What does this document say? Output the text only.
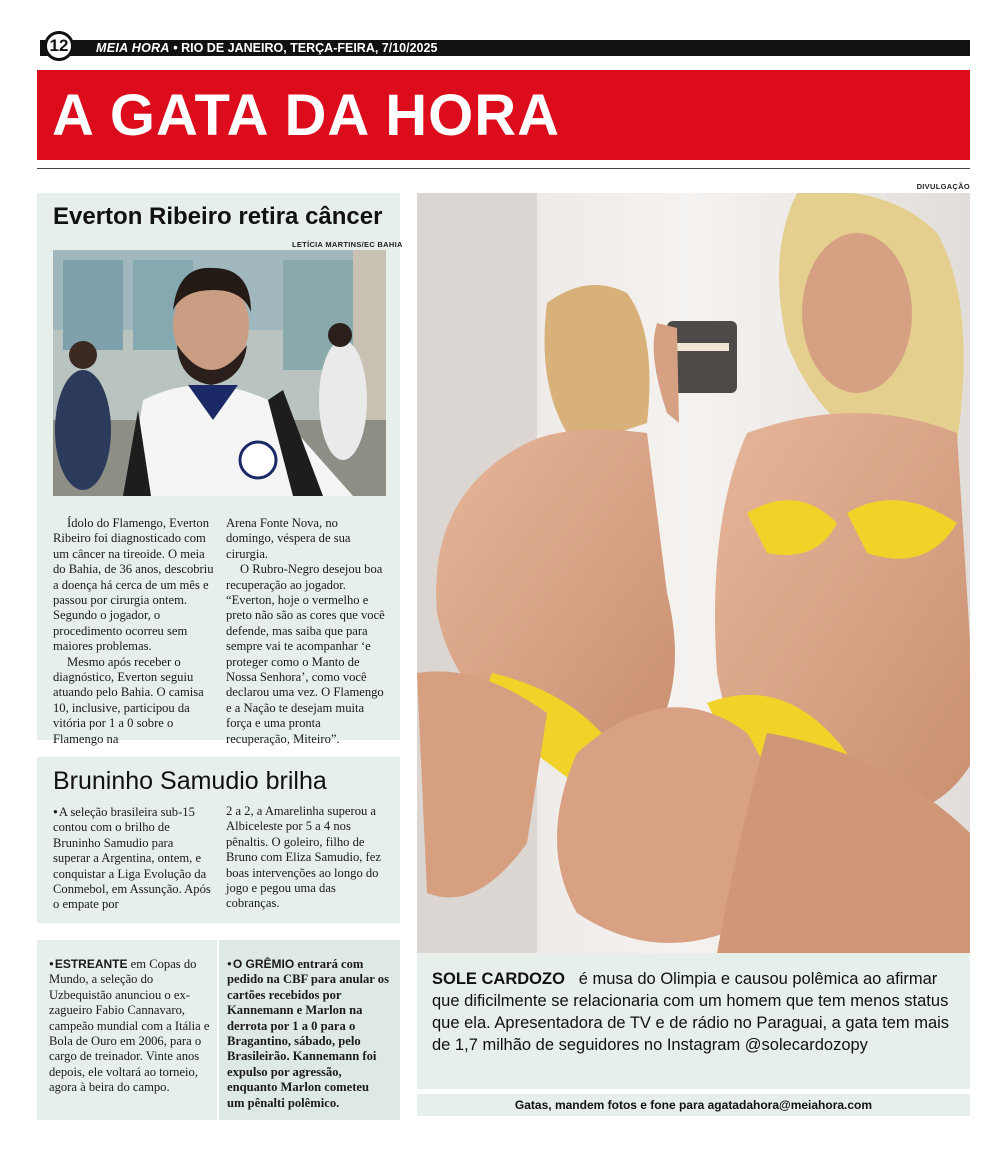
12	MEIA HORA • RIO DE JANEIRO, TERÇA-FEIRA, 7/10/2025
A GATA DA HORA
DIVULGAÇÃO
Everton Ribeiro retira câncer
LETÍCIA MARTINS/EC BAHIA

Ídolo do Flamengo, Everton Ribeiro foi diagnosticado com um câncer na tireoide. O meia do Bahia, de 36 anos, descobriu a doença há cerca de um mês e passou por cirurgia ontem. Segundo o jogador, o procedimento ocorreu sem maiores problemas.

Mesmo após receber o diagnóstico, Everton seguiu atuando pelo Bahia. O camisa 10, inclusive, participou da vitória por 1 a 0 sobre o Flamengo na

Arena Fonte Nova, no domingo, véspera de sua cirurgia.

O Rubro-Negro desejou boa recuperação ao jogador. “Everton, hoje o vermelho e preto não são as cores que você defende, mas saiba que para sempre vai te acompanhar ‘e proteger como o Manto de Nossa Senhora’, como você declarou uma vez. O Flamengo e a Nação te desejam muita força e uma pronta recuperação, Miteiro”.

Bruninho Samudio brilha

●A seleção brasileira sub-15 contou com o brilho de Bruninho Samudio para superar a Argentina, ontem, e conquistar a Liga Evolução da Conmebol, em Assunção. Após o empate por

2 a 2, a Amarelinha superou a Albiceleste por 5 a 4 nos pênaltis. O goleiro, filho de Bruno com Eliza Samudio, fez boas intervenções ao longo do jogo e pegou uma das cobranças.

●ESTREANTE em Copas do Mundo, a seleção do Uzbequistão anunciou o ex-zagueiro Fabio Cannavaro, campeão mundial com a Itália e Bola de Ouro em 2006, para o cargo de treinador. Vinte anos depois, ele voltará ao torneio, agora à beira do campo.

●O GRÊMIO entrará com pedido na CBF para anular os cartões recebidos por Kannemann e Marlon na derrota por 1 a 0 para o Bragantino, sábado, pelo Brasileirão. Kannemann foi expulso por agressão, enquanto Marlon cometeu um pênalti polêmico.

SOLE CARDOZO é musa do Olimpia e causou polêmica ao afirmar que dificilmente se relacionaria com um homem que tem menos status que ela. Apresentadora de TV e de rádio no Paraguai, a gata tem mais de 1,7 milhão de seguidores no Instagram @solecardozopy
Gatas, mandem fotos e fone para agatadahora@meiahora.com
